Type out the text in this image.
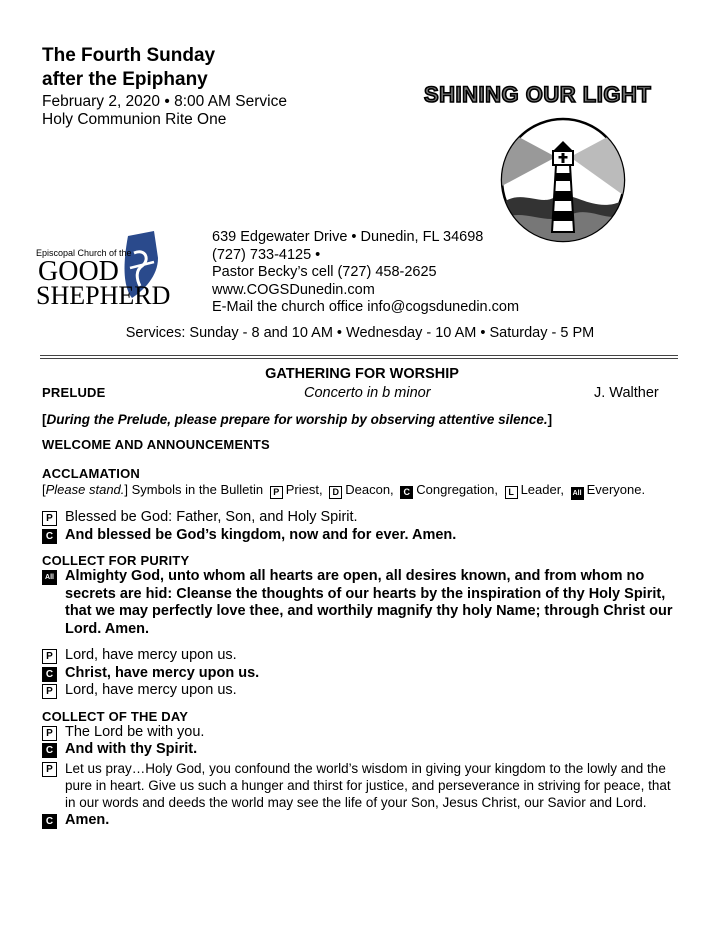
The Fourth Sunday
after the Epiphany
February 2, 2020 • 8:00 AM Service
Holy Communion Rite One
SHINING OUR LIGHT
Episcopal Church of the
GOOD
SHEPHERD
639 Edgewater Drive • Dunedin, FL 34698
(727) 733-4125 •
Pastor Becky’s cell (727) 458-2625
www.COGSDunedin.com
E-Mail the church office info@cogsdunedin.com
Services: Sunday - 8 and 10 AM • Wednesday - 10 AM • Saturday - 5 PM
GATHERING FOR WORSHIP
PRELUDE	Concerto in b minor	J. Walther
[During the Prelude, please prepare for worship by observing attentive silence.]
WELCOME AND ANNOUNCEMENTS
ACCLAMATION
[Please stand.] Symbols in the Bulletin P Priest, D Deacon, C Congregation, L Leader, All Everyone.
P Blessed be God: Father, Son, and Holy Spirit.
C And blessed be God’s kingdom, now and for ever. Amen.
COLLECT FOR PURITY
All Almighty God, unto whom all hearts are open, all desires known, and from whom no secrets are hid: Cleanse the thoughts of our hearts by the inspiration of thy Holy Spirit, that we may perfectly love thee, and worthily magnify thy holy Name; through Christ our Lord. Amen.
P Lord, have mercy upon us.
C Christ, have mercy upon us.
P Lord, have mercy upon us.
COLLECT OF THE DAY
P The Lord be with you.
C And with thy Spirit.
P Let us pray…Holy God, you confound the world’s wisdom in giving your kingdom to the lowly and the pure in heart. Give us such a hunger and thirst for justice, and perseverance in striving for peace, that in our words and deeds the world may see the life of your Son, Jesus Christ, our Savior and Lord.
C Amen.
